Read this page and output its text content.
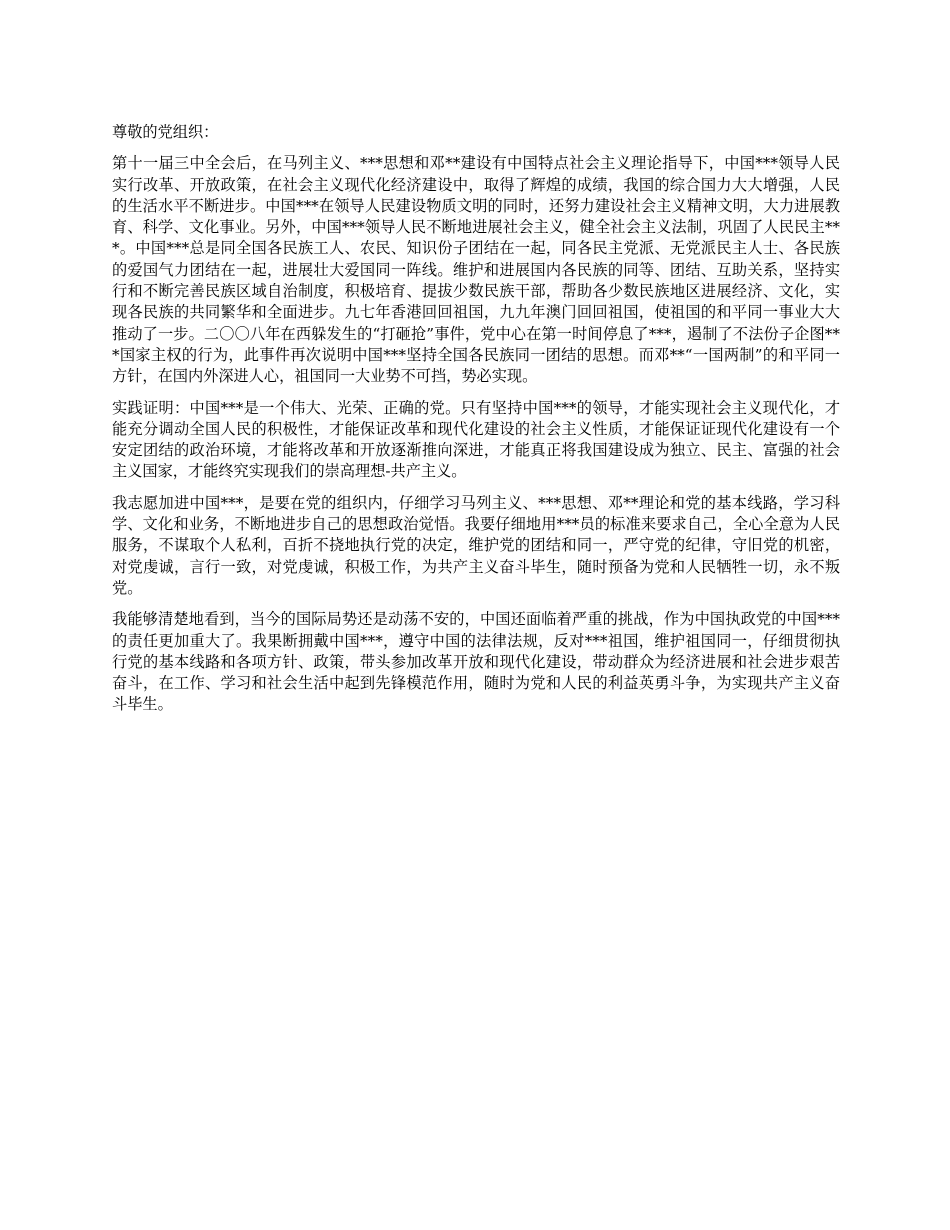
尊敬的党组织：

第十一届三中全会后，在马列主义、***思想和邓**建设有中国特点社会主义理论指导下，中国***领导人民实行改革、开放政策，在社会主义现代化经济建设中，取得了辉煌的成绩，我国的综合国力大大增强，人民的生活水平不断进步。中国***在领导人民建设物质文明的同时，还努力建设社会主义精神文明，大力进展教育、科学、文化事业。另外，中国***领导人民不断地进展社会主义，健全社会主义法制，巩固了人民民主***。中国***总是同全国各民族工人、农民、知识份子团结在一起，同各民主党派、无党派民主人士、各民族的爱国气力团结在一起，进展壮大爱国同一阵线。维护和进展国内各民族的同等、团结、互助关系，坚持实行和不断完善民族区域自治制度，积极培育、提拔少数民族干部，帮助各少数民族地区进展经济、文化，实现各民族的共同繁华和全面进步。九七年香港回回祖国，九九年澳门回回祖国，使祖国的和平同一事业大大推动了一步。二〇〇八年在西躲发生的“打砸抢”事件，党中心在第一时间停息了***，遏制了不法份子企图***国家主权的行为，此事件再次说明中国***坚持全国各民族同一团结的思想。而邓**“一国两制”的和平同一方针，在国内外深进人心，祖国同一大业势不可挡，势必实现。

实践证明：中国***是一个伟大、光荣、正确的党。只有坚持中国***的领导，才能实现社会主义现代化，才能充分调动全国人民的积极性，才能保证改革和现代化建设的社会主义性质，才能保证证现代化建设有一个安定团结的政治环境，才能将改革和开放逐渐推向深进，才能真正将我国建设成为独立、民主、富强的社会主义国家，才能终究实现我们的崇高理想-共产主义。

我志愿加进中国***，是要在党的组织内，仔细学习马列主义、***思想、邓**理论和党的基本线路，学习科学、文化和业务，不断地进步自己的思想政治觉悟。我要仔细地用***员的标准来要求自己，全心全意为人民服务，不谋取个人私利，百折不挠地执行党的决定，维护党的团结和同一，严守党的纪律，守旧党的机密，对党虔诚，言行一致，对党虔诚，积极工作，为共产主义奋斗毕生，随时预备为党和人民牺牲一切，永不叛党。

我能够清楚地看到，当今的国际局势还是动荡不安的，中国还面临着严重的挑战，作为中国执政党的中国***的责任更加重大了。我果断拥戴中国***，遵守中国的法律法规，反对***祖国，维护祖国同一，仔细贯彻执行党的基本线路和各项方针、政策，带头参加改革开放和现代化建设，带动群众为经济进展和社会进步艰苦奋斗，在工作、学习和社会生活中起到先锋模范作用，随时为党和人民的利益英勇斗争，为实现共产主义奋斗毕生。
